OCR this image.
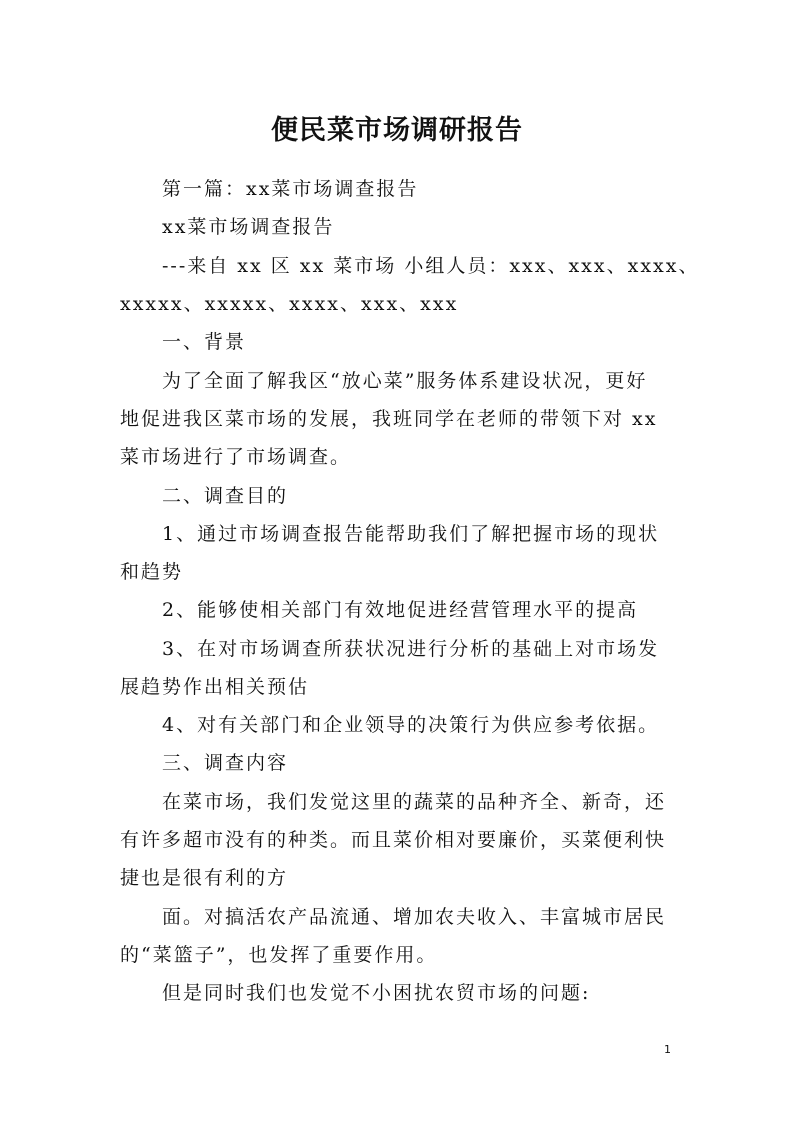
便民菜市场调研报告
第一篇：xx菜市场调查报告
xx菜市场调查报告
---来自 xx 区 xx 菜市场 小组人员：xxx、xxx、xxxx、
xxxxx、xxxxx、xxxx、xxx、xxx
一、背景
为了全面了解我区“放心菜”服务体系建设状况，更好
地促进我区菜市场的发展，我班同学在老师的带领下对 xx
菜市场进行了市场调查。
二、调查目的
1、通过市场调查报告能帮助我们了解把握市场的现状
和趋势
2、能够使相关部门有效地促进经营管理水平的提高
3、在对市场调查所获状况进行分析的基础上对市场发
展趋势作出相关预估
4、对有关部门和企业领导的决策行为供应参考依据。
三、调查内容
在菜市场，我们发觉这里的蔬菜的品种齐全、新奇，还
有许多超市没有的种类。而且菜价相对要廉价，买菜便利快
捷也是很有利的方
面。对搞活农产品流通、增加农夫收入、丰富城市居民
的“菜篮子”，也发挥了重要作用。
但是同时我们也发觉不小困扰农贸市场的问题:
1
